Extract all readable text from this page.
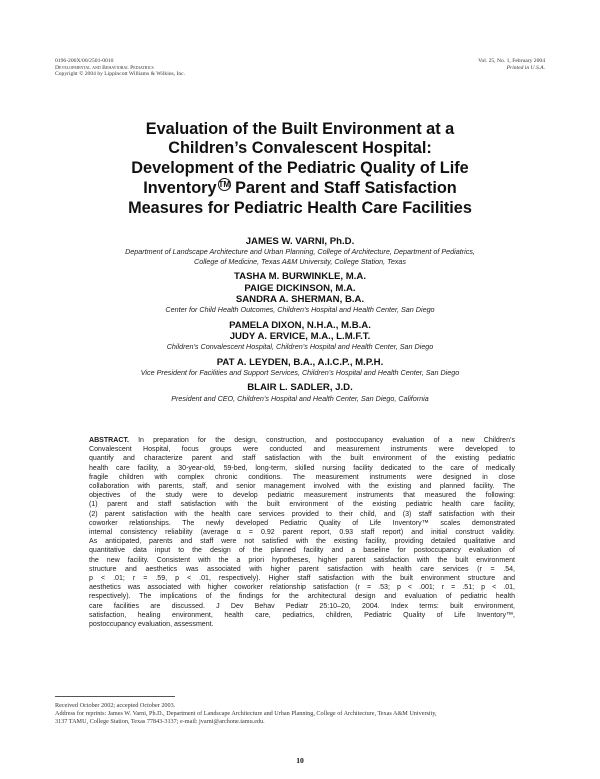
0196-206X/00/2501-0010
Developmental and Behavioral Pediatrics
Copyright © 2004 by Lippincott Williams & Wilkins, Inc.
Vol. 25, No. 1, February 2004
Printed in U.S.A.
Evaluation of the Built Environment at a
Children’s Convalescent Hospital:
Development of the Pediatric Quality of Life
Inventory TM Parent and Staff Satisfaction
Measures for Pediatric Health Care Facilities
JAMES W. VARNI, Ph.D.
Department of Landscape Architecture and Urban Planning, College of Architecture, Department of Pediatrics,
College of Medicine, Texas A&M University, College Station, Texas
TASHA M. BURWINKLE, M.A.
PAIGE DICKINSON, M.A.
SANDRA A. SHERMAN, B.A.
Center for Child Health Outcomes, Children’s Hospital and Health Center, San Diego
PAMELA DIXON, N.H.A., M.B.A.
JUDY A. ERVICE, M.A., L.M.F.T.
Children’s Convalescent Hospital, Children’s Hospital and Health Center, San Diego
PAT A. LEYDEN, B.A., A.I.C.P., M.P.H.
Vice President for Facilities and Support Services, Children’s Hospital and Health Center, San Diego
BLAIR L. SADLER, J.D.
President and CEO, Children’s Hospital and Health Center, San Diego, California
ABSTRACT. In preparation for the design, construction, and postoccupancy evaluation of a new Children’s
Convalescent Hospital, focus groups were conducted and measurement instruments were developed to
quantify and characterize parent and staff satisfaction with the built environment of the existing pediatric
health care facility, a 30-year-old, 59-bed, long-term, skilled nursing facility dedicated to the care of medically
fragile children with complex chronic conditions. The measurement instruments were designed in close
collaboration with parents, staff, and senior management involved with the existing and planned facility. The
objectives of the study were to develop pediatric measurement instruments that measured the following:
(1) parent and staff satisfaction with the built environment of the existing pediatric health care facility,
(2) parent satisfaction with the health care services provided to their child, and (3) staff satisfaction with their
coworker relationships. The newly developed Pediatric Quality of Life Inventory™ scales demonstrated
internal consistency reliability (average α = 0.92 parent report, 0.93 staff report) and initial construct validity.
As anticipated, parents and staff were not satisfied with the existing facility, providing detailed qualitative and
quantitative data input to the design of the planned facility and a baseline for postoccupancy evaluation of
the new facility. Consistent with the a priori hypotheses, higher parent satisfaction with the built environment
structure and aesthetics was associated with higher parent satisfaction with health care services (r = .54,
p < .01; r = .59, p < .01, respectively). Higher staff satisfaction with the built environment structure and
aesthetics was associated with higher coworker relationship satisfaction (r = .53; p < .001; r = .51; p < .01,
respectively). The implications of the findings for the architectural design and evaluation of pediatric health
care facilities are discussed. J Dev Behav Pediatr 25:10–20, 2004. Index terms: built environment,
satisfaction, healing environment, health care, pediatrics, children, Pediatric Quality of Life Inventory™,
postoccupancy evaluation, assessment.
Received October 2002; accepted October 2003.
Address for reprints: James W. Varni, Ph.D., Department of Landscape Architecture and Urban Planning, College of Architecture, Texas A&M University,
3137 TAMU, College Station, Texas 77843-3137; e-mail: jvarni@archone.tamu.edu.
10
